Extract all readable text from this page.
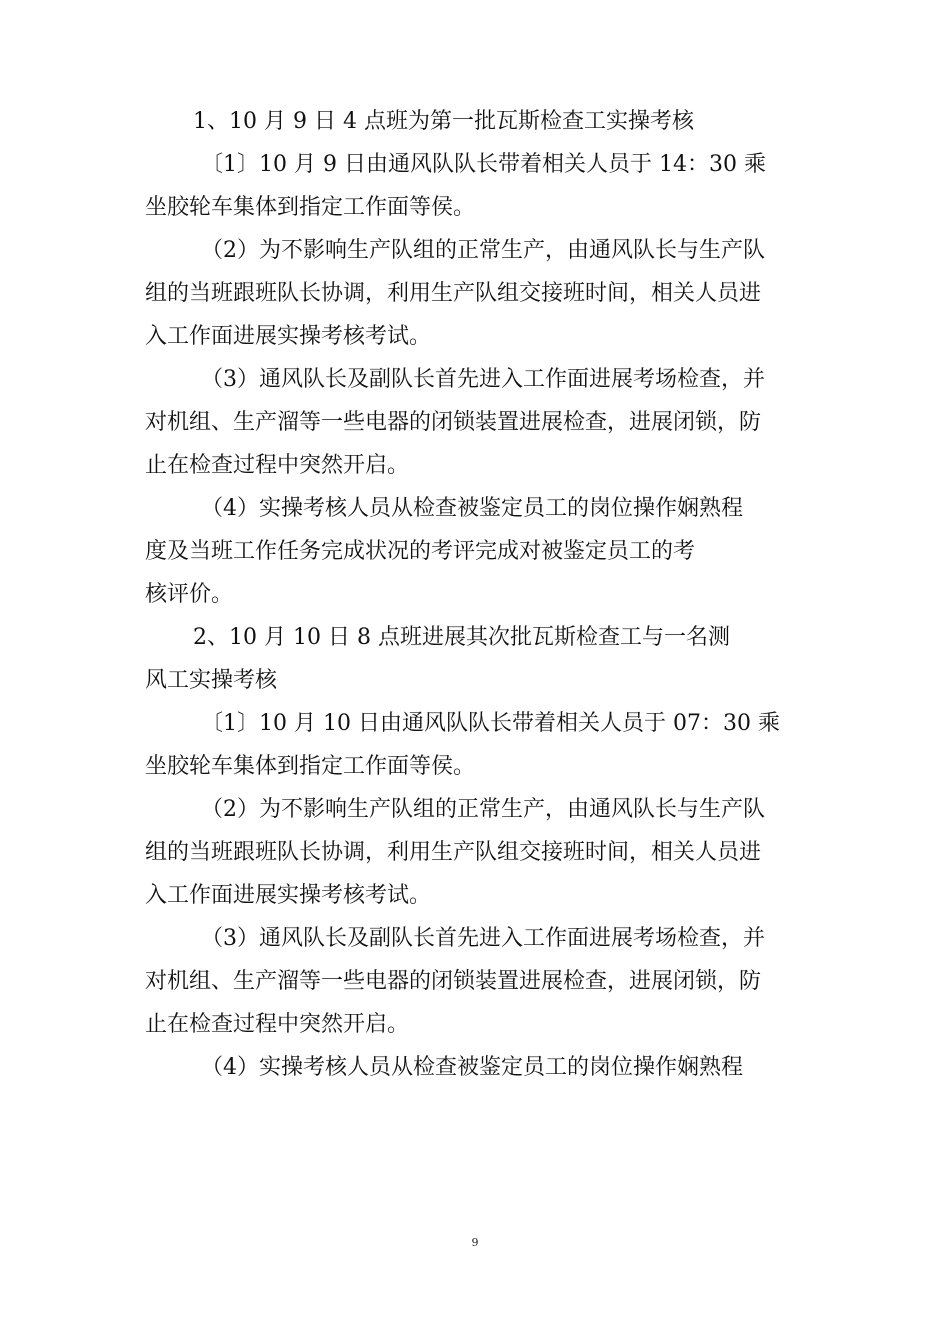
1、10 月 9 日 4 点班为第一批瓦斯检查工实操考核
〔1〕10 月 9 日由通风队队长带着相关人员于 14：30 乘
坐胶轮车集体到指定工作面等侯。
（2）为不影响生产队组的正常生产，由通风队长与生产队
组的当班跟班队长协调，利用生产队组交接班时间，相关人员进
入工作面进展实操考核考试。
（3）通风队长及副队长首先进入工作面进展考场检查，并
对机组、生产溜等一些电器的闭锁装置进展检查，进展闭锁，防
止在检查过程中突然开启。
（4）实操考核人员从检查被鉴定员工的岗位操作娴熟程
度及当班工作任务完成状况的考评完成对被鉴定员工的考
核评价。
2、10 月 10 日 8 点班进展其次批瓦斯检查工与一名测
风工实操考核
〔1〕10 月 10 日由通风队队长带着相关人员于 07：30 乘
坐胶轮车集体到指定工作面等侯。
（2）为不影响生产队组的正常生产，由通风队长与生产队
组的当班跟班队长协调，利用生产队组交接班时间，相关人员进
入工作面进展实操考核考试。
（3）通风队长及副队长首先进入工作面进展考场检查，并
对机组、生产溜等一些电器的闭锁装置进展检查，进展闭锁，防
止在检查过程中突然开启。
（4）实操考核人员从检查被鉴定员工的岗位操作娴熟程
9
